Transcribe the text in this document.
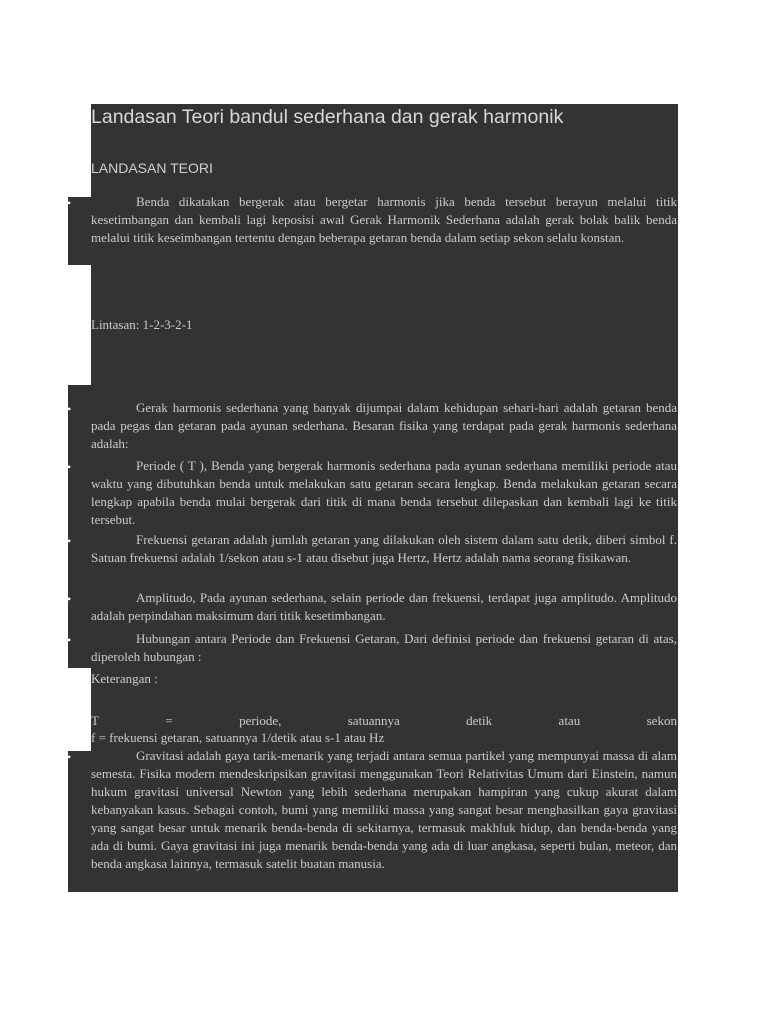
Landasan Teori bandul sederhana dan gerak harmonik
LANDASAN TEORI
•	Benda dikatakan bergerak atau bergetar harmonis jika benda tersebut berayun melalui titik kesetimbangan dan kembali lagi keposisi awal Gerak Harmonik Sederhana adalah gerak bolak balik benda melalui titik keseimbangan tertentu dengan beberapa getaran benda dalam setiap sekon selalu konstan.

Lintasan: 1-2-3-2-1

•	Gerak harmonis sederhana yang banyak dijumpai dalam kehidupan sehari-hari adalah getaran benda pada pegas dan getaran pada ayunan sederhana. Besaran fisika yang terdapat pada gerak harmonis sederhana adalah:

•	Periode ( T ), Benda yang bergerak harmonis sederhana pada ayunan sederhana memiliki periode atau waktu yang dibutuhkan benda untuk melakukan satu getaran secara lengkap. Benda melakukan getaran secara lengkap apabila benda mulai bergerak dari titik di mana benda tersebut dilepaskan dan kembali lagi ke titik tersebut.

•	Frekuensi getaran adalah jumlah getaran yang dilakukan oleh sistem dalam satu detik, diberi simbol f. Satuan frekuensi adalah 1/sekon atau s-1 atau disebut juga Hertz, Hertz adalah nama seorang fisikawan.

•	Amplitudo, Pada ayunan sederhana, selain periode dan frekuensi, terdapat juga amplitudo. Amplitudo adalah perpindahan maksimum dari titik kesetimbangan.

•	Hubungan antara Periode dan Frekuensi Getaran, Dari definisi periode dan frekuensi getaran di atas, diperoleh hubungan :

Keterangan :

T	=	periode,	satuannya	detik	atau	sekon

f = frekuensi getaran, satuannya 1/detik atau s-1 atau Hz

•	Gravitasi adalah gaya tarik-menarik yang terjadi antara semua partikel yang mempunyai massa di alam semesta. Fisika modern mendeskripsikan gravitasi menggunakan Teori Relativitas Umum dari Einstein, namun hukum gravitasi universal Newton yang lebih sederhana merupakan hampiran yang cukup akurat dalam kebanyakan kasus. Sebagai contoh, bumi yang memiliki massa yang sangat besar menghasilkan gaya gravitasi yang sangat besar untuk menarik benda-benda di sekitarnya, termasuk makhluk hidup, dan benda-benda yang ada di bumi. Gaya gravitasi ini juga menarik benda-benda yang ada di luar angkasa, seperti bulan, meteor, dan benda angkasa lainnya, termasuk satelit buatan manusia.
